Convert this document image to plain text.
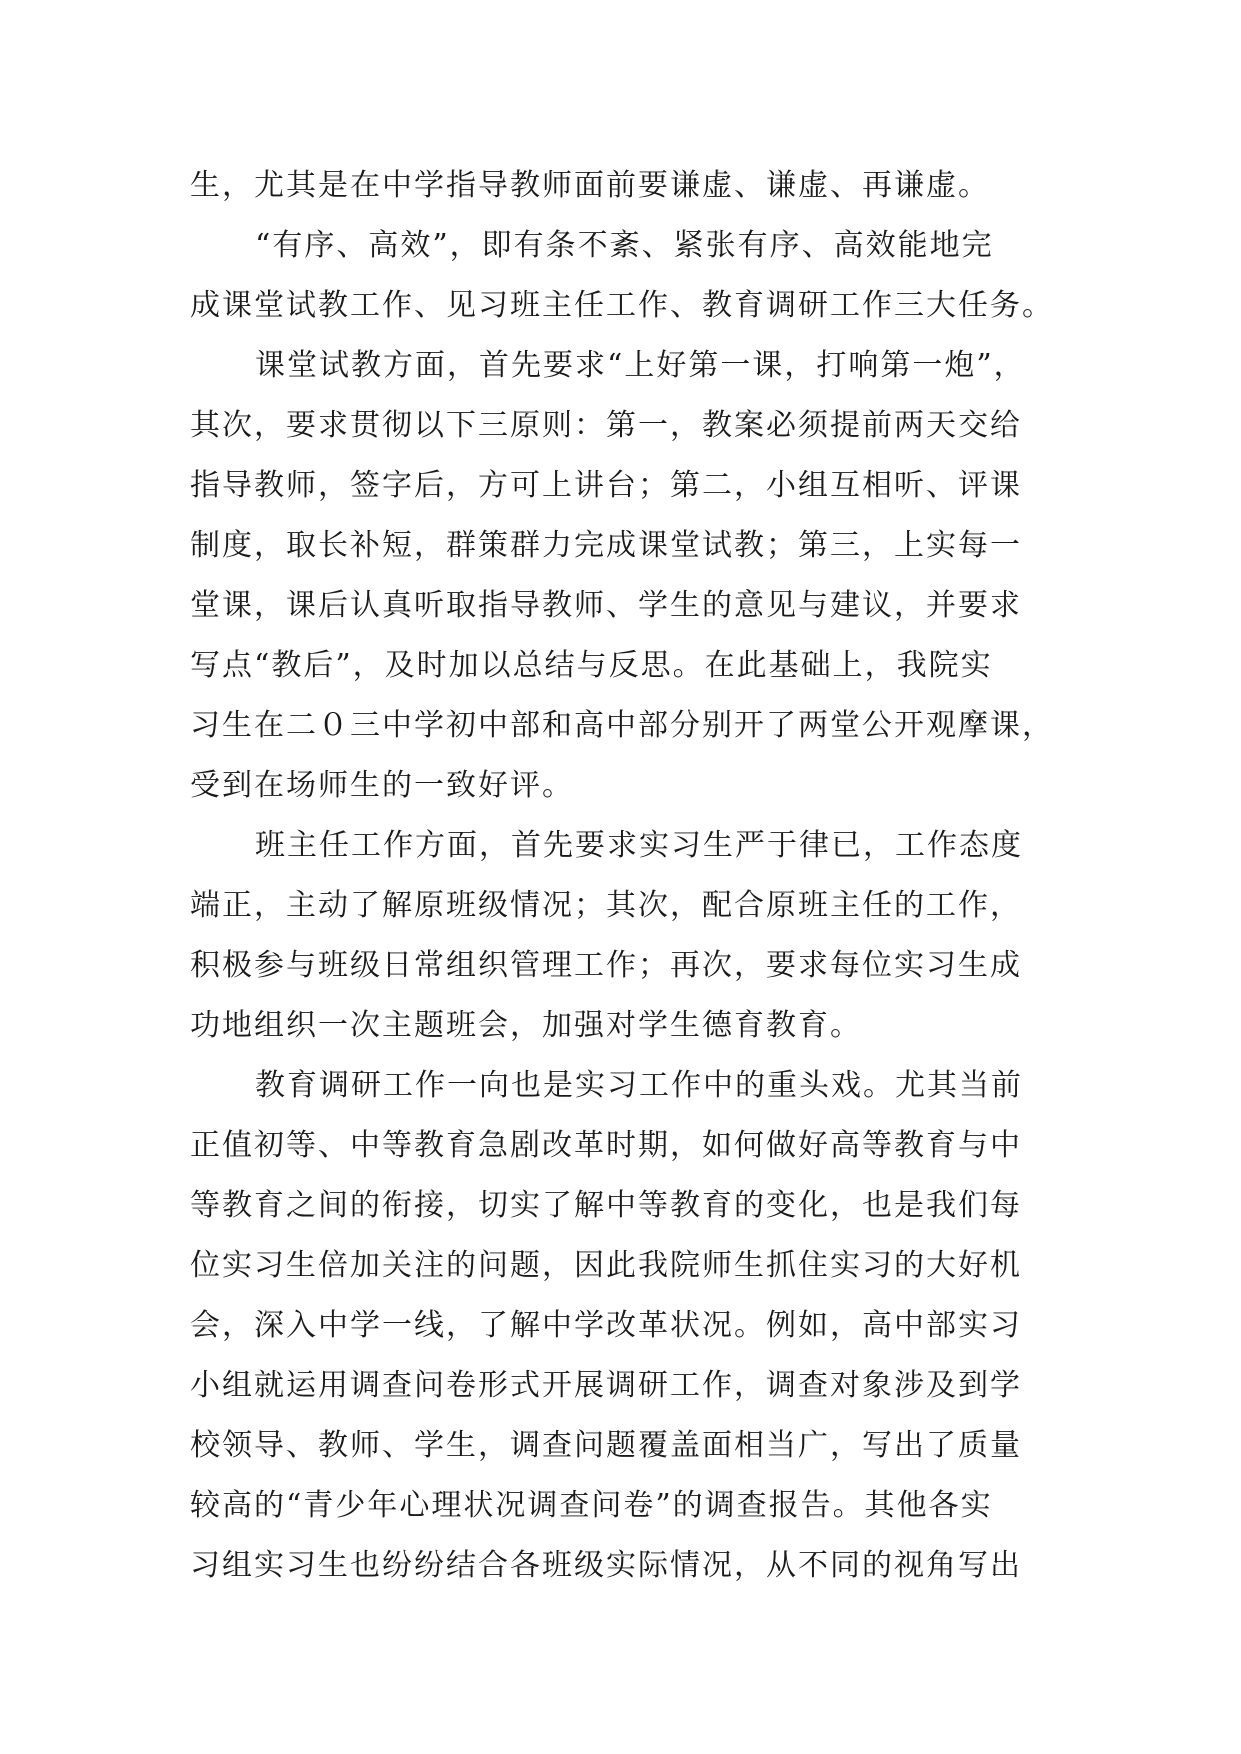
生，尤其是在中学指导教师面前要谦虚、谦虚、再谦虚。
“有序、高效”，即有条不紊、紧张有序、高效能地完
成课堂试教工作、见习班主任工作、教育调研工作三大任务。
课堂试教方面，首先要求“上好第一课，打响第一炮”，
其次，要求贯彻以下三原则：第一，教案必须提前两天交给
指导教师，签字后，方可上讲台；第二，小组互相听、评课
制度，取长补短，群策群力完成课堂试教；第三，上实每一
堂课，课后认真听取指导教师、学生的意见与建议，并要求
写点“教后”，及时加以总结与反思。在此基础上，我院实
习生在二０三中学初中部和高中部分别开了两堂公开观摩课，
受到在场师生的一致好评。
班主任工作方面，首先要求实习生严于律已，工作态度
端正，主动了解原班级情况；其次，配合原班主任的工作，
积极参与班级日常组织管理工作；再次，要求每位实习生成
功地组织一次主题班会，加强对学生德育教育。
教育调研工作一向也是实习工作中的重头戏。尤其当前
正值初等、中等教育急剧改革时期，如何做好高等教育与中
等教育之间的衔接，切实了解中等教育的变化，也是我们每
位实习生倍加关注的问题，因此我院师生抓住实习的大好机
会，深入中学一线，了解中学改革状况。例如，高中部实习
小组就运用调查问卷形式开展调研工作，调查对象涉及到学
校领导、教师、学生，调查问题覆盖面相当广，写出了质量
较高的“青少年心理状况调查问卷”的调查报告。其他各实
习组实习生也纷纷结合各班级实际情况，从不同的视角写出
